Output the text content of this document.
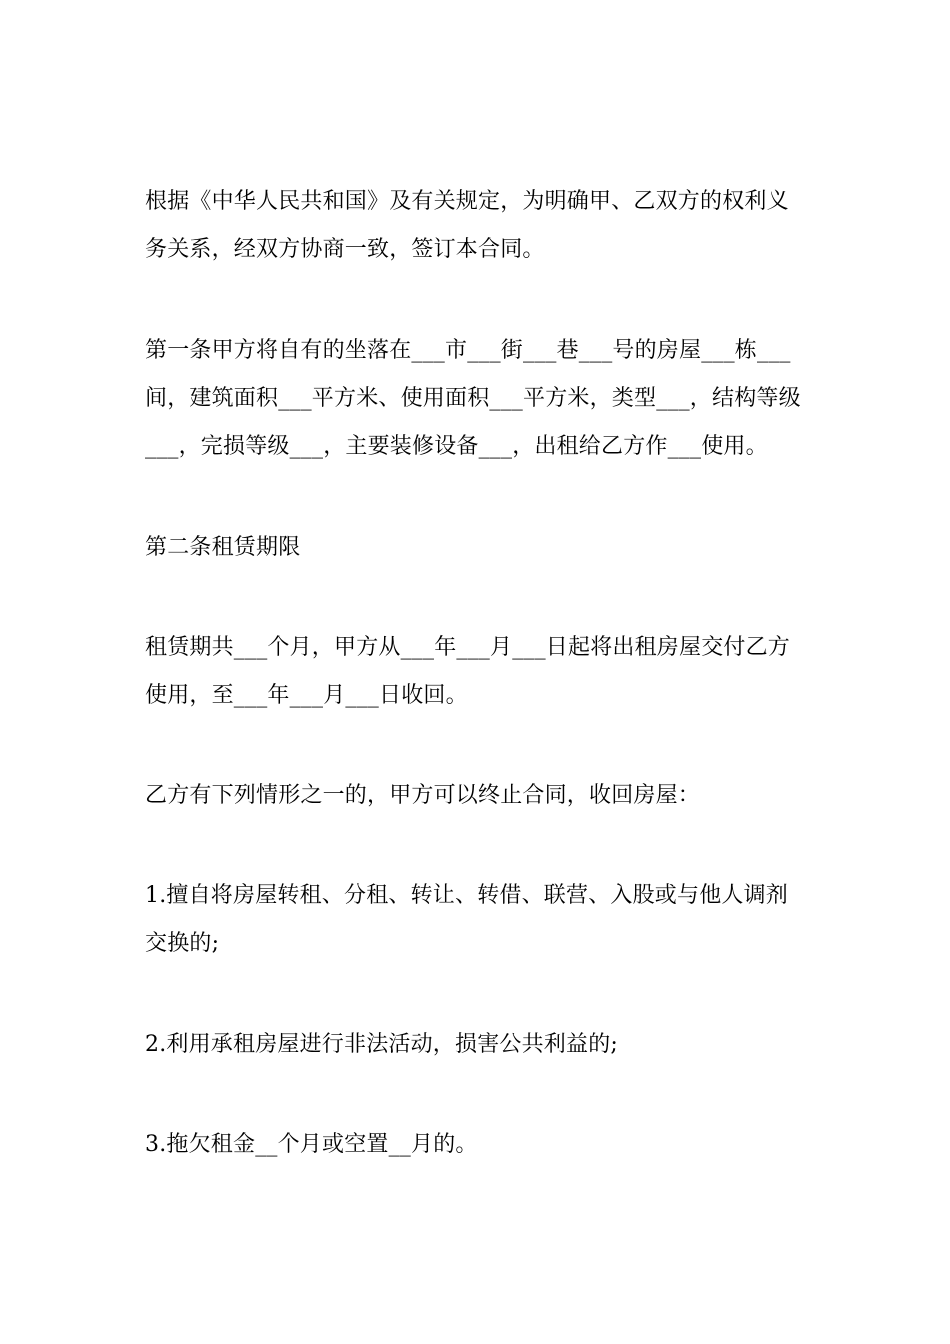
根据《中华人民共和国》及有关规定，为明确甲、乙双方的权利义
务关系，经双方协商一致，签订本合同。

第一条甲方将自有的坐落在___市___街___巷___号的房屋___栋___
间，建筑面积___平方米、使用面积___平方米，类型___，结构等级
___，完损等级___，主要装修设备___，出租给乙方作___使用。

第二条租赁期限

租赁期共___个月，甲方从___年___月___日起将出租房屋交付乙方
使用，至___年___月___日收回。

乙方有下列情形之一的，甲方可以终止合同，收回房屋：

1.擅自将房屋转租、分租、转让、转借、联营、入股或与他人调剂
交换的;

2.利用承租房屋进行非法活动，损害公共利益的;

3.拖欠租金__个月或空置__月的。
